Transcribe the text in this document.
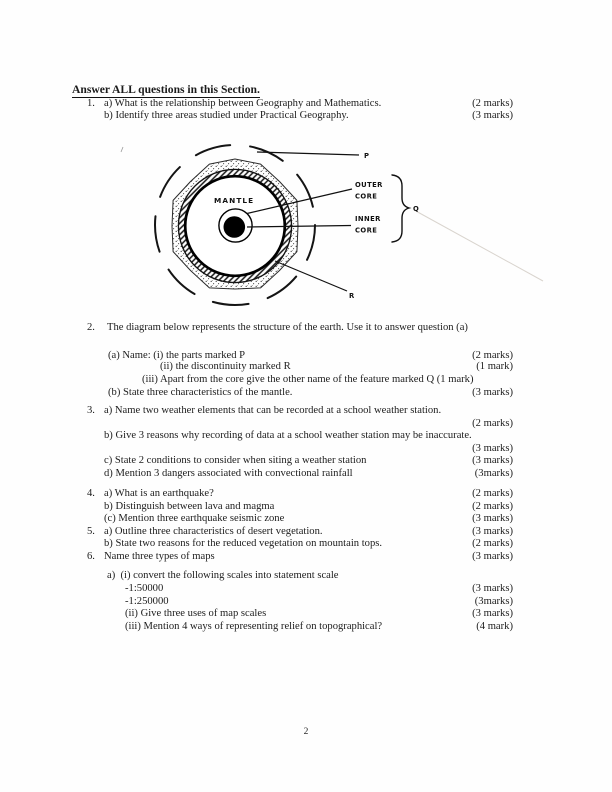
Answer ALL questions in this Section.
1. a) What is the relationship between Geography and Mathematics.	(2 marks)
b) Identify three areas studied under Practical Geography.	(3 marks)
2. The diagram below represents the structure of the earth. Use it to answer question (a)
(a) Name: (i) the parts marked P	(2 marks)
(ii) the discontinuity marked R	(1 mark)
(iii) Apart from the core give the other name of the feature marked Q (1 mark)
(b) State three characteristics of the mantle.	(3 marks)
3. a) Name two weather elements that can be recorded at a school weather station.
(2 marks)
b) Give 3 reasons why recording of data at a school weather station may be inaccurate.
(3 marks)
c) State 2 conditions to consider when siting a weather station	(3 marks)
d) Mention 3 dangers associated with convectional rainfall	(3marks)
4. a) What is an earthquake?	(2 marks)
b) Distinguish between lava and magma	(2 marks)
(c) Mention three earthquake seismic zone	(3 marks)
5. a) Outline three characteristics of desert vegetation.	(3 marks)
b) State two reasons for the reduced vegetation on mountain tops.	(2 marks)
6. Name three types of maps	(3 marks)
a)  (i) convert the following scales into statement scale
-1:50000	(3 marks)
-1:250000	(3marks)
(ii) Give three uses of map scales	(3 marks)
(iii) Mention 4 ways of representing relief on topographical?	(4 mark)
P
OUTER
CORE
Q
INNER
CORE
R
MANTLE
2
